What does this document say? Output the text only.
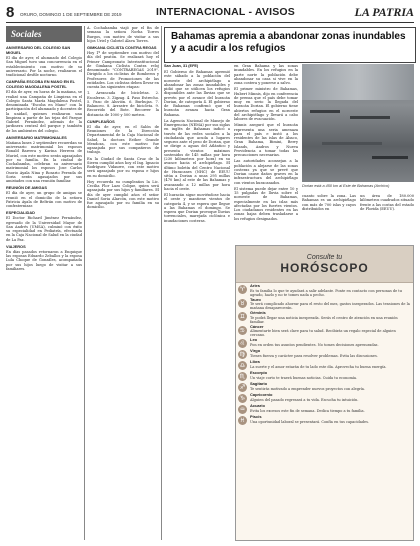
8 ORURO, DOMINGO 1 DE SEPTIEMBRE DE 2019	INTERNACIONAL - AVISOS	LA PATRIA
Sociales
ANIVERSARIO DEL COLEGIO SAN MIGUEL

El día de ayer, el alumnado del Colegio San Miguel tuvo una concurrencia en el establecimiento con motivo de su aniversario. Por la noche, realizaron el tradicional desfile nocturno.

CAMPAÑA ESCOBA EN MANO EN EL COLEGIO MAGDALENA POSTEL

El día de ayer, en horas de la mañana, se realizó una Campaña de Limpieza en el Colegio Santa María Magdalena Postel, denominada "Escoba en Mano" con la participación del alumnado y docentes de la unidad, quienes realizaron una limpieza a partir de las tejas del Parque Gabriel Fernández, además de la jardinera central del parque y también de los ambientes del colegio.

ANIVERSARIO MATRIMONIALES

Mañana lunes 2 septiembre recuerdan su aniversario matrimonial los esposos Ronald Barrera y Karina Herrera de Muriel, con este motivo serán agasajados por su familia. En la ciudad de Cochabamba, celebran su aniversario matrimonial los esposos Jose Carlos Osorio Ayala Nina y Rosario Ferrada de Soria serán agasajados por sus amistades con una reunión familiar.

REUNIÓN DE AMIGAS

El día de ayer, un grupo de amigas se reunió en el domicilio de la señora Patricia Ayala de Beltrán con motivo de confraternizar.

ESPECIALIDAD

El Doctor Richard Jiménez Fernández, egresado de la Universidad Mayor de San Andrés (UMSA), culminó con éxito su especialidad en Pediatría, efectuada en la Caja Nacional de Salud en la ciudad de La Paz.

VIAJEROS

En días pasados retornaron a Enquique las esposas Eduardo Zeballos y la esposa Lula Choque de Gonzáles, acompañada por sus hijos luego de visitar a sus familiares.

A. Cochabamba viajó por el fin de semana la señora Norha Torres Burgos, con motivo de visitar a sus hijos Uriel y Gabriel Álava Torres.

GIMKANA CICLISTA CONTRA REGAS

Hoy 1º de septiembre con motivo del día del peatón. Se realizará hoy el Primer Campeonato Interinstitucional de Gimkana Ciclista Contra reloj denominado "CONTRAREGAS 2019". Dirigido a los ciclistas de Bomberos y Profesores de Promociones de las entidades. Los ciclistas deben llevar en cuenta las siguientes etapas:

1. Arrancada de bicicletas. 2. Escaleras. 3. Zigzag. 4. Paso Estrecho. 5. Paso de Aluvión. 6. Burbujas. 7. Balanceo. 8. Arrastre de bicicleta. 9. Recorrido del Bote. Recorrer la distancia de 1000 y 500 metros.

CUMPLEAÑOS

El día de ayer, en el Salón de Reuniones de la Dirección Departamental de la Caja Nacional de Salud, la doctora Esther Grande Mendoza, con este motivo fue agasajada por sus compañeros de trabajo.

En la Ciudad de Santa Cruz de la Sierra cumplió años hoy el Ing. Ignacio Rodríguez Vidaurre, con este motivo será agasajado por su esposa e hijos en su domicilio.

Hoy recuerda su cumpleaños la Lic. Cecilia Flor Lazo Colque, quien será agasajada por sus hijos y familiares. El día de ayer cumplió años el señor Daniel Soria Alarcón, con este motivo fue agasajado por su familia en su domicilio.

Bahamas apremia a abandonar zonas inundables y a acudir a los refugios
San Juan, 31 (EFE)

El Gobierno de Bahamas apremió este sábado a la población del noroeste del archipiélago a abandonar las zonas inundables y pidió que se utilicen los refugios disponibles ante las lluvias que se prevén por el avance del huracán Dorian, de categoría 4. El gobierno de Bahamas confirmó que el huracán avanza hacia Gran Bahama.

La Agencia Nacional de Manejo de Emergencias (NEMA) por sus siglas en inglés de Bahamas indicó a través de las redes sociales a la ciudadanía que acuda a lugares seguros ante el peso de Dorian, que se dirige a aguas del Atlántico y presenta vientos máximos sostenidos de 145 millas por hora (230 kilómetros por hora) en su avance hacia el archipiélago. El último boletín del Centro Nacional de Huracanes (NHC) de EEUU sitúa a Dorian a unas 295 millas (470 km) al este de las Bahamas y avanzando a 12 millas por hora hacia el oeste.

El huracán sigue moviéndose hacia el oeste y mantiene vientos de categoría 4, y se espera que llegue a las Bahamas el domingo. Se espera que Dorian provoque lluvias torrenciales, marejada ciclónica e inundaciones costeras.

en Gran Bahama y las zonas inundables. En los refugios en la parte norte la población debe abandonar su casa si vive en la zona costera y ponerse a salvo.

El primer ministro de Bahamas, Hubert Minnis, dijo en conferencia de prensa que el país debe tomar muy en serio la llegada del huracán Dorian. El gobierno tiene abiertos refugios en el noroeste del archipiélago y llevará a cabo labores de evacuación.

Minnis aseguró que el huracán representa una seria amenaza para el país e instó a los residentes de las islas de Ábaco, Gran Bahama, Bimini, Berry Islands, Andros y Nueva Providencia a tomar todas las precauciones necesarias.

Las autoridades aconsejan a la población a alejarse de las zonas costeras ya que se prevé que Dorian cause daños graves en la infraestructura del archipiélago con vientos huracanados.

El sistema puede dejar entre 10 y 15 pulgadas de lluvia sobre el noroeste de Bahamas, especialmente en las islas más afectadas por los fuertes vientos. Los ciudadanos residentes en las zonas bajas deben trasladarse a los refugios designados.

Dorian está a 450 km al Este de Bahamas (Archivo)
cuanto sobre la zona. Las Bahamas es un archipiélago con más de 700 islas y cayos distribuidos en
un área de 180.000 kilómetros cuadrados situado frente a las costas del estado de Florida (EEUU).
Consulte tu
HORÓSCOPO
♈
Aries
Es tu familia lo que te ayudará a salir adelante. Ponte en contacto con personas de tu agrado, hazlo y no te tomes nada a pecho.
♉
Tauro
Te será complicado ahorrar para el resto del mes, gastos inesperados. Las tensiones de la mañana desaparecerán.
♊
Géminis
Te podrá llegar una noticia inesperada. Serás el centro de atención en una reunión familiar.
♋
Cáncer
Alimentarte bien será clave para tu salud. Recibirás un regalo especial de alguien cercano.
♌
Leo
Pon en orden tus asuntos pendientes. No tomes decisiones apresuradas.
♍
Virgo
Tienes fuerza y carácter para resolver problemas. Evita las discusiones.
♎
Libra
La suerte y el amor estarán de tu lado este día. Aprovecha tu buena energía.
♏
Escorpio
Un viaje corto te traerá buenas noticias. Cuida tu economía.
♐
Sagitario
Te sentirás motivado a emprender nuevos proyectos con alegría.
♑
Capricornio
Alguien del pasado regresará a tu vida. Escucha tu intuición.
♒
Acuario
Evita los excesos este fin de semana. Dedica tiempo a tu familia.
♓
Piscis
Una oportunidad laboral se presentará. Confía en tus capacidades.
